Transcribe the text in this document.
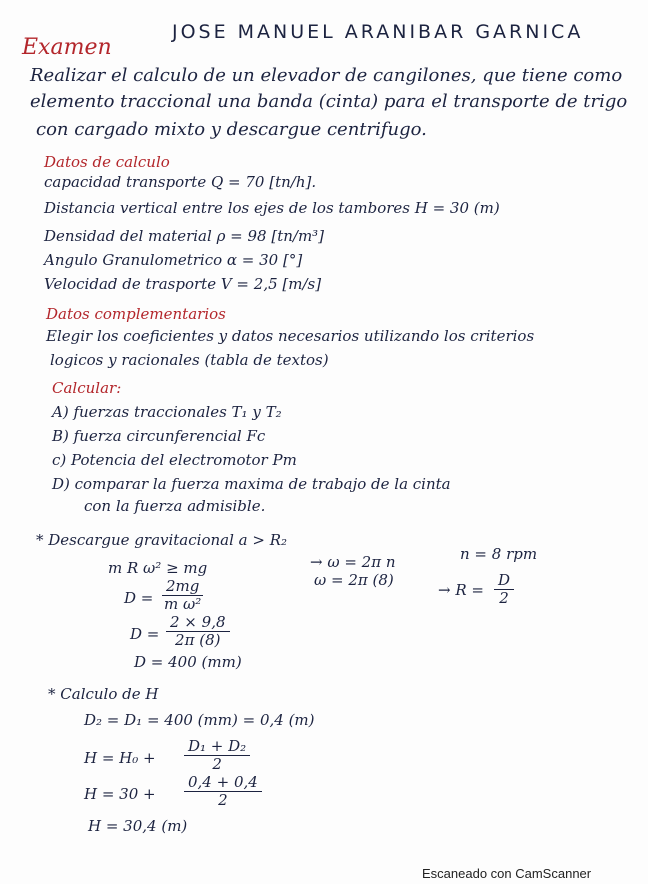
JOSE MANUEL ARANIBAR GARNICA
Examen
Realizar el calculo de un elevador de cangilones, que tiene como
elemento traccional una banda (cinta) para el transporte de trigo
con cargado mixto y descargue centrifugo.
Datos de calculo
capacidad transporte Q = 70 [tn/h].
Distancia vertical entre los ejes de los tambores H = 30 (m)
Densidad del material ρ = 98 [tn/m³]
Angulo Granulometrico α = 30 [°]
Velocidad de trasporte V = 2,5 [m/s]
Datos complementarios
Elegir los coeficientes y datos necesarios utilizando los criterios
logicos y racionales (tabla de textos)
Calcular:
A) fuerzas traccionales T₁ y T₂
B) fuerza circunferencial Fc
c) Potencia del electromotor Pm
D) comparar la fuerza maxima de trabajo de la cinta
con la fuerza admisible.
* Descargue gravitacional a > R₂
m R ω² ≥ mg	→ ω = 2π n
ω = 2π (8)
n = 8 rpm
$D = \frac{2mg}{\text{m ω²}}$	→ $R = \frac{D}{2}$
$D = \frac{2 \times 9,8}{2\pi (8)}$
D = 400 (mm)
* Calculo de H
D₂ = D₁ = 400 (mm) = 0,4 (m)
$H = H_0 + \frac{\text{D₁ + D₂}}{2}$
$H = 30 + \frac{0,4 + 0,4}{2}$
H = 30,4 (m)
Escaneado con CamScanner
